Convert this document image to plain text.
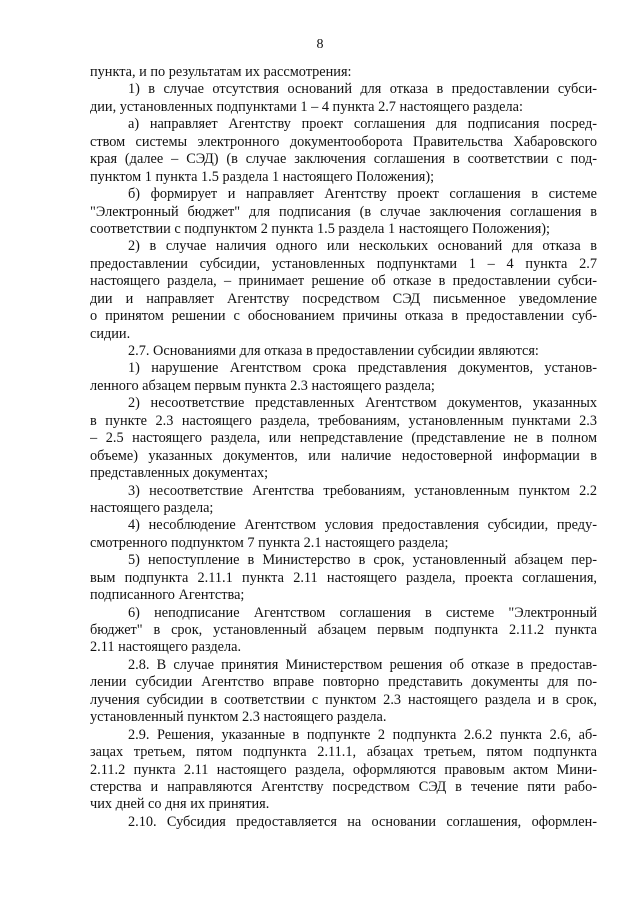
8
пункта, и по результатам их рассмотрения:
1) в случае отсутствия оснований для отказа в предоставлении субси-
дии, установленных подпунктами 1 – 4 пункта 2.7 настоящего раздела:
а) направляет Агентству проект соглашения для подписания посред-
ством системы электронного документооборота Правительства Хабаровского
края (далее – СЭД) (в случае заключения соглашения в соответствии с под-
пунктом 1 пункта 1.5 раздела 1 настоящего Положения);
б) формирует и направляет Агентству проект соглашения в системе
"Электронный бюджет" для подписания (в случае заключения соглашения в
соответствии с подпунктом 2 пункта 1.5 раздела 1 настоящего Положения);
2) в случае наличия одного или нескольких оснований для отказа в
предоставлении субсидии, установленных подпунктами 1 – 4 пункта 2.7
настоящего раздела, – принимает решение об отказе в предоставлении субси-
дии и направляет Агентству посредством СЭД письменное уведомление
о принятом решении с обоснованием причины отказа в предоставлении суб-
сидии.
2.7. Основаниями для отказа в предоставлении субсидии являются:
1) нарушение Агентством срока представления документов, установ-
ленного абзацем первым пункта 2.3 настоящего раздела;
2) несоответствие представленных Агентством документов, указанных
в пункте 2.3 настоящего раздела, требованиям, установленным пунктами 2.3
– 2.5 настоящего раздела, или непредставление (представление не в полном
объеме) указанных документов, или наличие недостоверной информации в
представленных документах;
3) несоответствие Агентства требованиям, установленным пунктом 2.2
настоящего раздела;
4) несоблюдение Агентством условия предоставления субсидии, преду-
смотренного подпунктом 7 пункта 2.1 настоящего раздела;
5) непоступление в Министерство в срок, установленный абзацем пер-
вым подпункта 2.11.1 пункта 2.11 настоящего раздела, проекта соглашения,
подписанного Агентства;
6) неподписание Агентством соглашения в системе "Электронный
бюджет" в срок, установленный абзацем первым подпункта 2.11.2 пункта
2.11 настоящего раздела.
2.8. В случае принятия Министерством решения об отказе в предостав-
лении субсидии Агентство вправе повторно представить документы для по-
лучения субсидии в соответствии с пунктом 2.3 настоящего раздела и в срок,
установленный пунктом 2.3 настоящего раздела.
2.9. Решения, указанные в подпункте 2 подпункта 2.6.2 пункта 2.6, аб-
зацах третьем, пятом подпункта 2.11.1, абзацах третьем, пятом подпункта
2.11.2 пункта 2.11 настоящего раздела, оформляются правовым актом Мини-
стерства и направляются Агентству посредством СЭД в течение пяти рабо-
чих дней со дня их принятия.
2.10. Субсидия предоставляется на основании соглашения, оформлен-
